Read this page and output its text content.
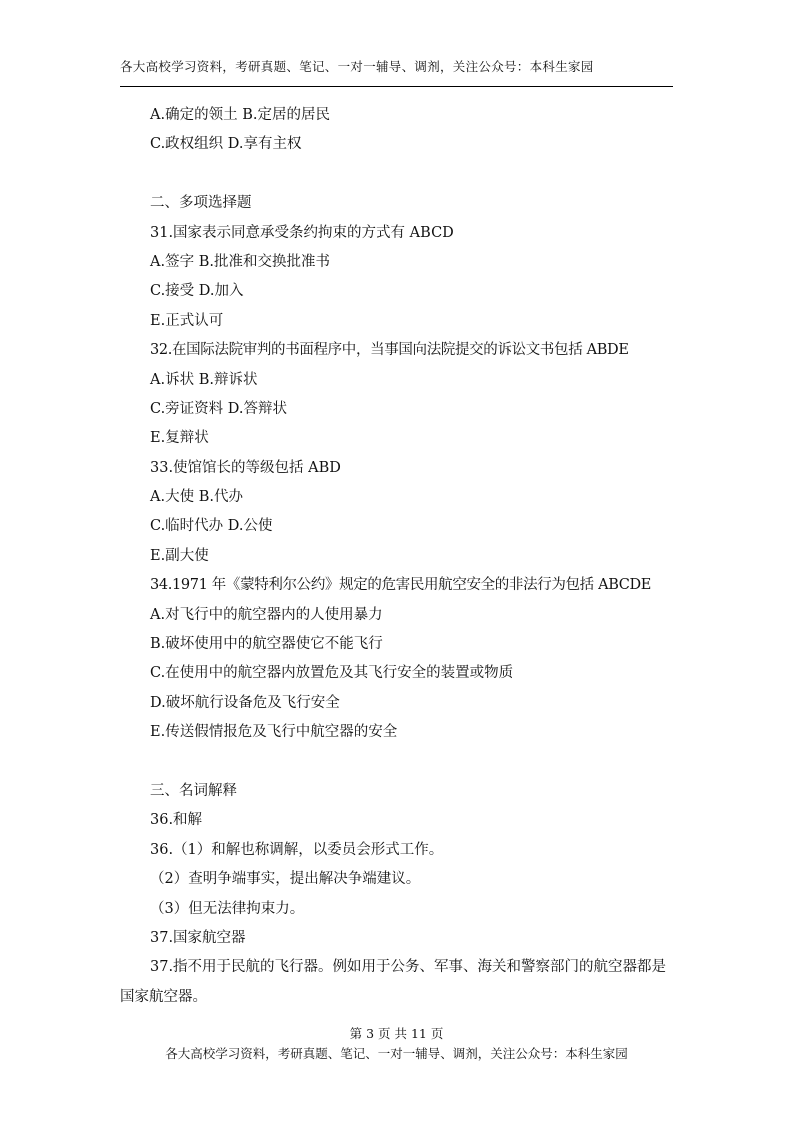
各大高校学习资料，考研真题、笔记、一对一辅导、调剂，关注公众号：本科生家园
A.确定的领土 B.定居的居民
C.政权组织 D.享有主权
二、多项选择题
31.国家表示同意承受条约拘束的方式有 ABCD
A.签字 B.批准和交换批准书
C.接受 D.加入
E.正式认可
32.在国际法院审判的书面程序中，当事国向法院提交的诉讼文书包括 ABDE
A.诉状 B.辩诉状
C.旁证资料 D.答辩状
E.复辩状
33.使馆馆长的等级包括 ABD
A.大使 B.代办
C.临时代办 D.公使
E.副大使
34.1971 年《蒙特利尔公约》规定的危害民用航空安全的非法行为包括 ABCDE
A.对飞行中的航空器内的人使用暴力
B.破坏使用中的航空器使它不能飞行
C.在使用中的航空器内放置危及其飞行安全的装置或物质
D.破坏航行设备危及飞行安全
E.传送假情报危及飞行中航空器的安全
三、名词解释
36.和解
36.（1）和解也称调解，以委员会形式工作。
（2）查明争端事实，提出解决争端建议。
（3）但无法律拘束力。
37.国家航空器
37.指不用于民航的飞行器。例如用于公务、军事、海关和警察部门的航空器都是国家航空器。
第 3 页 共 11 页
各大高校学习资料，考研真题、笔记、一对一辅导、调剂，关注公众号：本科生家园
